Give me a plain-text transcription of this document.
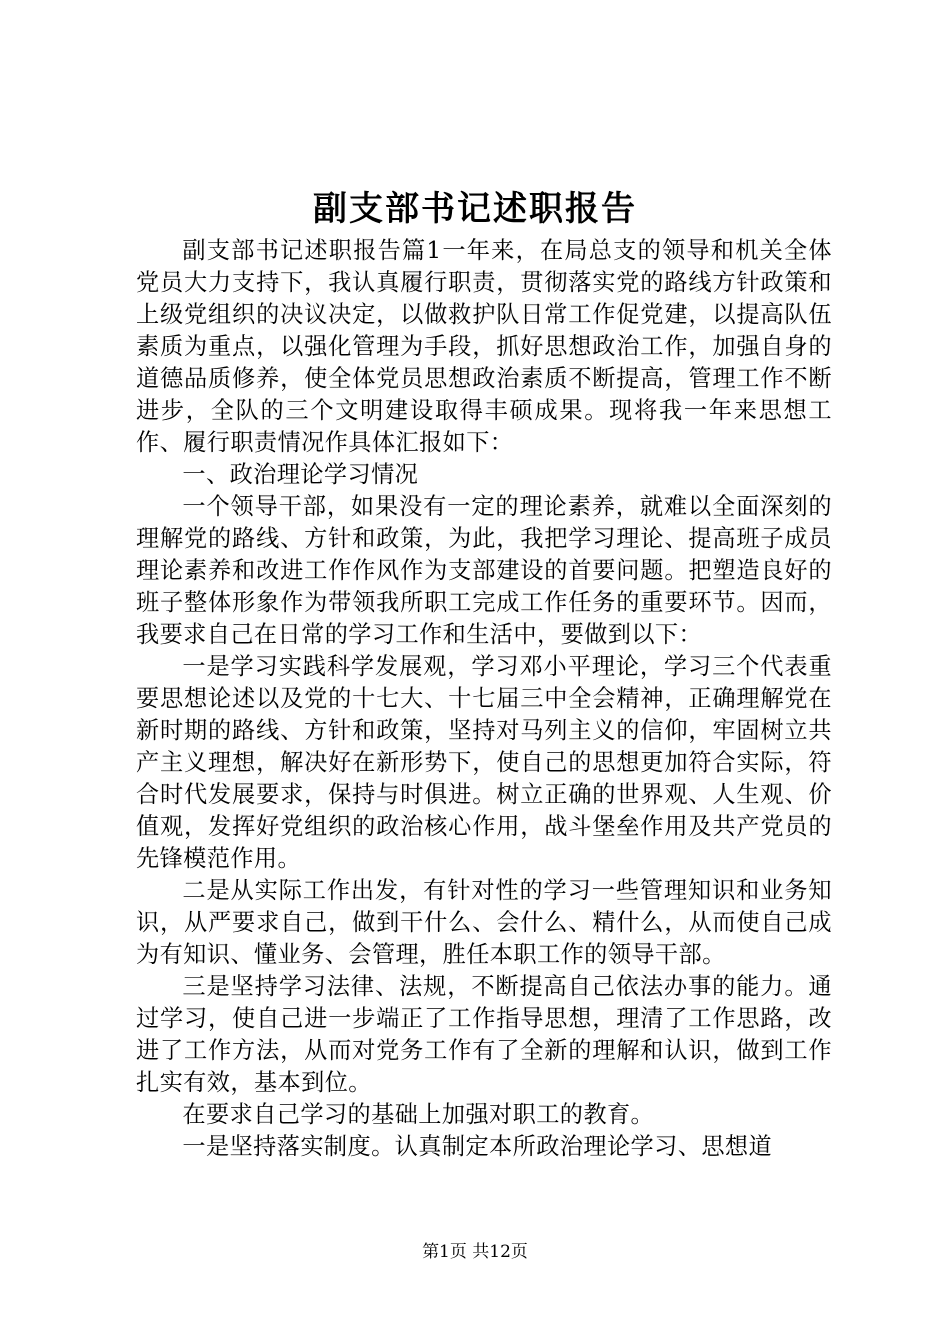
副支部书记述职报告

副支部书记述职报告篇1一年来，在局总支的领导和机关全体党员大力支持下，我认真履行职责，贯彻落实党的路线方针政策和上级党组织的决议决定，以做救护队日常工作促党建，以提高队伍素质为重点，以强化管理为手段，抓好思想政治工作，加强自身的道德品质修养，使全体党员思想政治素质不断提高，管理工作不断进步，全队的三个文明建设取得丰硕成果。现将我一年来思想工作、履行职责情况作具体汇报如下：

一、政治理论学习情况

一个领导干部，如果没有一定的理论素养，就难以全面深刻的理解党的路线、方针和政策，为此，我把学习理论、提高班子成员理论素养和改进工作作风作为支部建设的首要问题。把塑造良好的班子整体形象作为带领我所职工完成工作任务的重要环节。因而，我要求自己在日常的学习工作和生活中，要做到以下：

一是学习实践科学发展观，学习邓小平理论，学习三个代表重要思想论述以及党的十七大、十七届三中全会精神，正确理解党在新时期的路线、方针和政策，坚持对马列主义的信仰，牢固树立共产主义理想，解决好在新形势下，使自己的思想更加符合实际，符合时代发展要求，保持与时俱进。树立正确的世界观、人生观、价值观，发挥好党组织的政治核心作用，战斗堡垒作用及共产党员的先锋模范作用。

二是从实际工作出发，有针对性的学习一些管理知识和业务知识，从严要求自己，做到干什么、会什么、精什么，从而使自己成为有知识、懂业务、会管理，胜任本职工作的领导干部。

三是坚持学习法律、法规，不断提高自己依法办事的能力。通过学习，使自己进一步端正了工作指导思想，理清了工作思路，改进了工作方法，从而对党务工作有了全新的理解和认识，做到工作扎实有效，基本到位。

在要求自己学习的基础上加强对职工的教育。

一是坚持落实制度。认真制定本所政治理论学习、思想道

第1页 共12页
